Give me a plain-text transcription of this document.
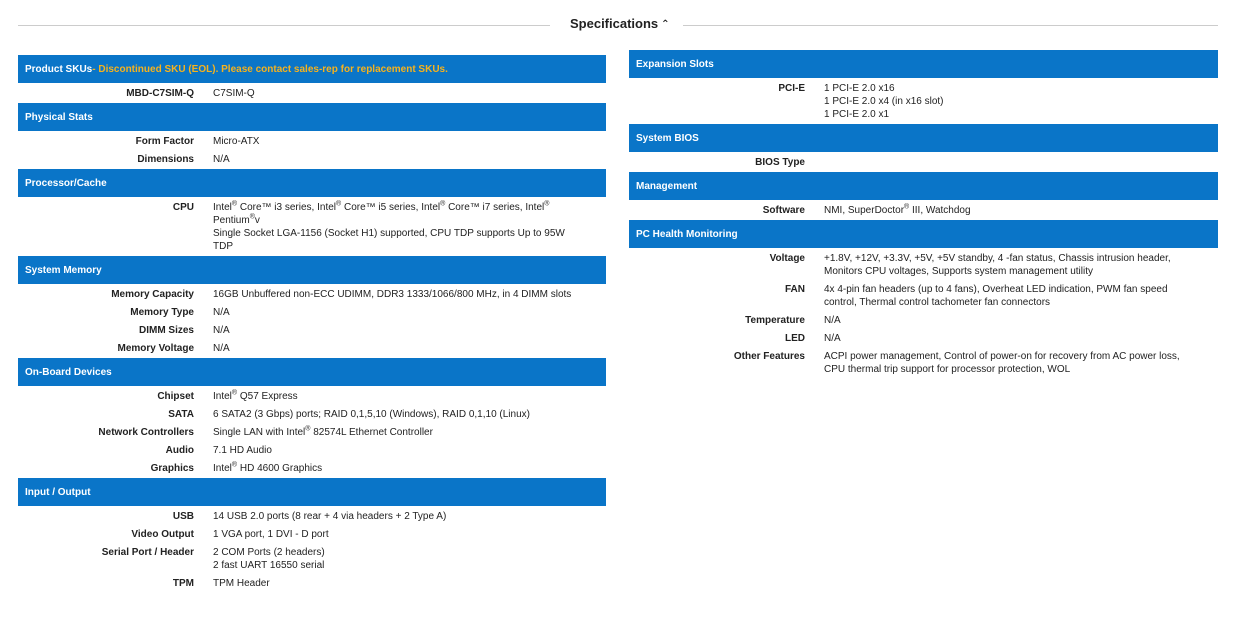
Specifications ⌃
Product SKUs - Discontinued SKU (EOL). Please contact sales-rep for replacement SKUs.
MBD-C7SIM-Q C7SIM-Q
Physical Stats
Form Factor Micro-ATX
Dimensions N/A
Processor/Cache
CPU Intel® Core™ i3 series, Intel® Core™ i5 series, Intel® Core™ i7 series, Intel®
Pentium®v
Single Socket LGA-1156 (Socket H1) supported, CPU TDP supports Up to 95W
TDP
System Memory
Memory Capacity 16GB Unbuffered non-ECC UDIMM, DDR3 1333/1066/800 MHz, in 4 DIMM slots
Memory Type N/A
DIMM Sizes N/A
Memory Voltage N/A
On-Board Devices
Chipset Intel® Q57 Express
SATA 6 SATA2 (3 Gbps) ports; RAID 0,1,5,10 (Windows), RAID 0,1,10 (Linux)
Network Controllers Single LAN with Intel® 82574L Ethernet Controller
Audio 7.1 HD Audio
Graphics Intel® HD 4600 Graphics
Input / Output
USB 14 USB 2.0 ports (8 rear + 4 via headers + 2 Type A)
Video Output 1 VGA port, 1 DVI - D port
Serial Port / Header 2 COM Ports (2 headers)
2 fast UART 16550 serial
TPM TPM Header
Expansion Slots
PCI-E 1 PCI-E 2.0 x16
1 PCI-E 2.0 x4 (in x16 slot)
1 PCI-E 2.0 x1
System BIOS
BIOS Type

Management
Software NMI, SuperDoctor® III, Watchdog
PC Health Monitoring
Voltage +1.8V, +12V, +3.3V, +5V, +5V standby, 4 -fan status, Chassis intrusion header,
Monitors CPU voltages, Supports system management utility
FAN 4x 4-pin fan headers (up to 4 fans), Overheat LED indication, PWM fan speed
control, Thermal control tachometer fan connectors
Temperature N/A
LED N/A
Other Features ACPI power management, Control of power-on for recovery from AC power loss,
CPU thermal trip support for processor protection, WOL
